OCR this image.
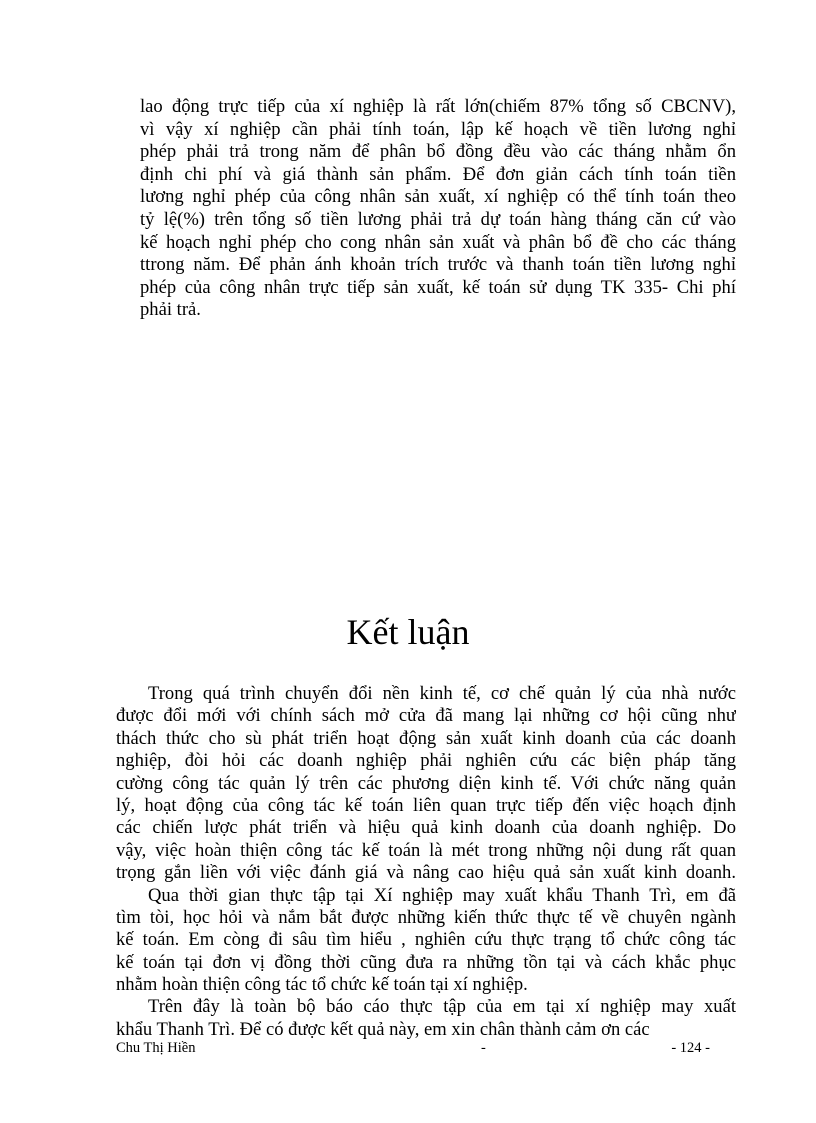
lao động trực tiếp của xí nghiệp là rất lớn(chiếm 87% tổng số CBCNV),
vì vậy xí nghiệp cần phải tính toán, lập kế hoạch về tiền lương nghỉ
phép phải trả trong năm để phân bổ đồng đều vào các tháng nhằm ổn
định chi phí và giá thành sản phẩm. Để đơn giản cách tính toán tiền
lương nghỉ phép của công nhân sản xuất, xí nghiệp có thể tính toán theo
tỷ lệ(%) trên tổng số tiền lương phải trả dự toán hàng tháng căn cứ vào
kế hoạch nghỉ phép cho cong nhân sản xuất và phân bổ đề cho các tháng
ttrong năm. Để phản ánh khoản trích trước và thanh toán tiền lương nghỉ
phép của công nhân trực tiếp sản xuất, kế toán sử dụng TK 335- Chi phí
phải trả.
Kết luận
Trong quá trình chuyển đổi nền kinh tế, cơ chế quản lý của nhà nước
được đổi mới với chính sách mở cửa đã mang lại những cơ hội cũng như
thách thức cho sù phát triển hoạt động sản xuất kinh doanh của các doanh
nghiệp, đòi hỏi các doanh nghiệp phải nghiên cứu các biện pháp tăng
cường công tác quản lý trên các phương diện kinh tế. Với chức năng quản
lý, hoạt động của công tác kế toán liên quan trực tiếp đến việc hoạch định
các chiến lược phát triển và hiệu quả kinh doanh của doanh nghiệp. Do
vậy, việc hoàn thiện công tác kế toán là mét trong những nội dung rất quan
trọng gắn liền với việc đánh giá và nâng cao hiệu quả sản xuất kinh doanh.
Qua thời gian thực tập tại Xí nghiệp may xuất khẩu Thanh Trì, em đã
tìm tòi, học hỏi và nắm bắt được những kiến thức thực tế về chuyên ngành
kế toán. Em còng đi sâu tìm hiểu , nghiên cứu thực trạng tổ chức công tác
kế toán tại đơn vị đồng thời cũng đưa ra những tồn tại và cách khắc phục
nhằm hoàn thiện công tác tổ chức kế toán tại xí nghiệp.
Trên đây là toàn bộ báo cáo thực tập của em tại xí nghiệp may xuất
khẩu Thanh Trì. Để có được kết quả này, em xin chân thành cảm ơn các
Chu Thị Hiền	-	- 124 -
